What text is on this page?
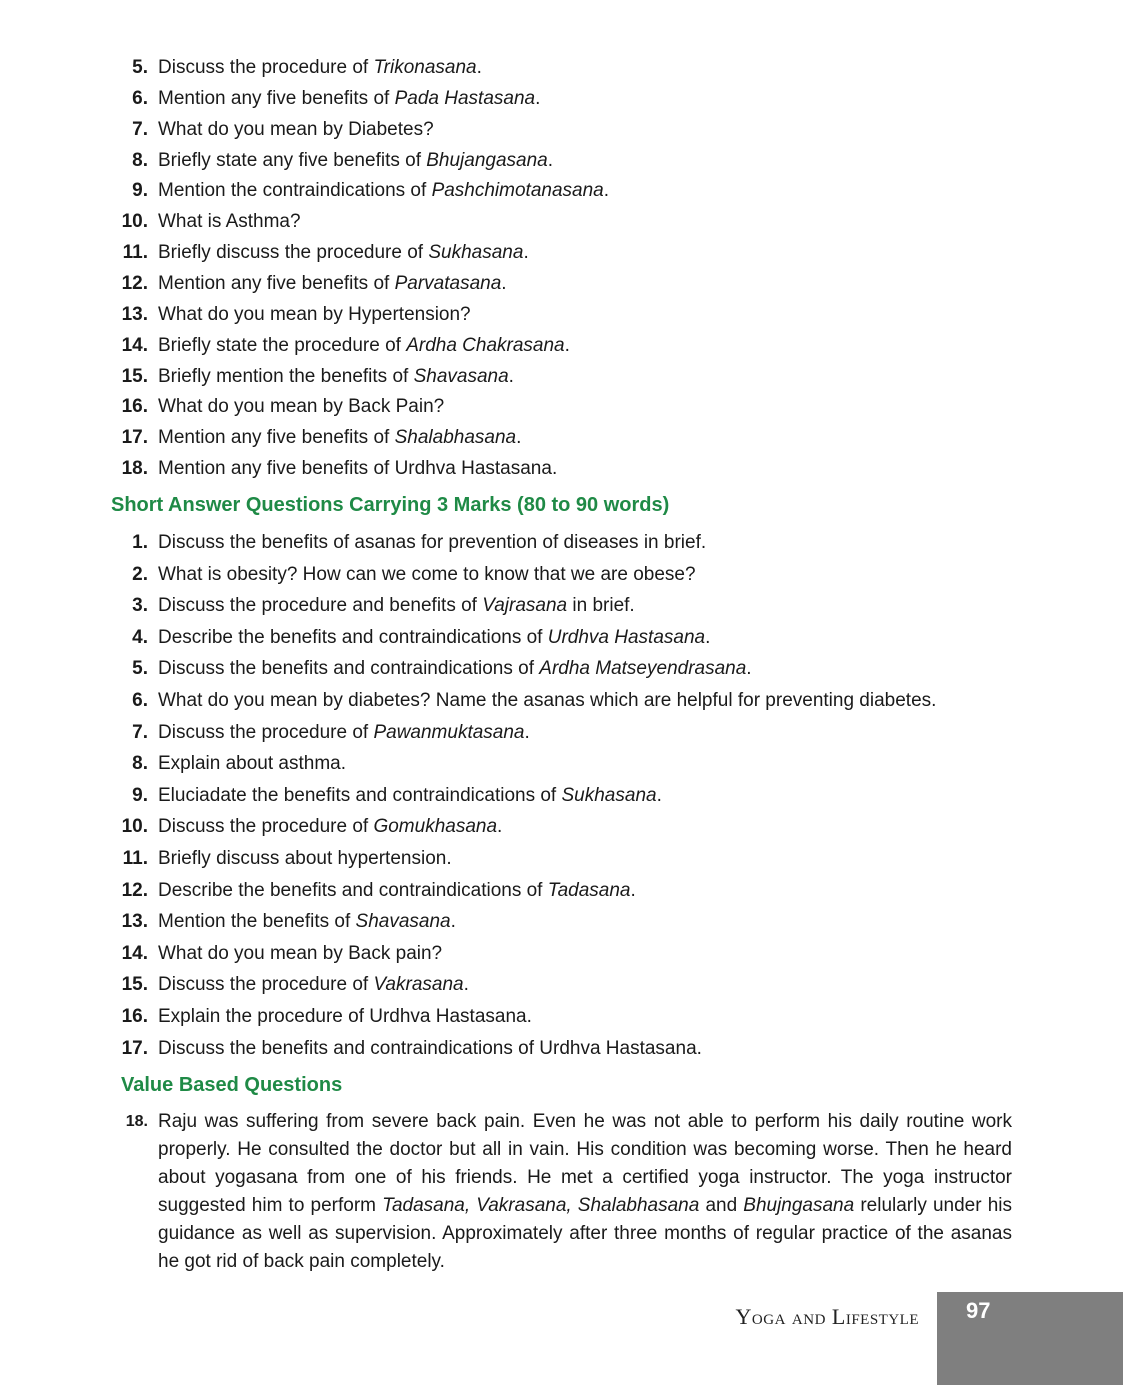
5. Discuss the procedure of Trikonasana.
6. Mention any five benefits of Pada Hastasana.
7. What do you mean by Diabetes?
8. Briefly state any five benefits of Bhujangasana.
9. Mention the contraindications of Pashchimotanasana.
10. What is Asthma?
11. Briefly discuss the procedure of Sukhasana.
12. Mention any five benefits of Parvatasana.
13. What do you mean by Hypertension?
14. Briefly state the procedure of Ardha Chakrasana.
15. Briefly mention the benefits of Shavasana.
16. What do you mean by Back Pain?
17. Mention any five benefits of Shalabhasana.
18. Mention any five benefits of Urdhva Hastasana.
Short Answer Questions Carrying 3 Marks (80 to 90 words)
1. Discuss the benefits of asanas for prevention of diseases in brief.
2. What is obesity? How can we come to know that we are obese?
3. Discuss the procedure and benefits of Vajrasana in brief.
4. Describe the benefits and contraindications of Urdhva Hastasana.
5. Discuss the benefits and contraindications of Ardha Matseyendrasana.
6. What do you mean by diabetes? Name the asanas which are helpful for preventing diabetes.
7. Discuss the procedure of Pawanmuktasana.
8. Explain about asthma.
9. Eluciadate the benefits and contraindications of Sukhasana.
10. Discuss the procedure of Gomukhasana.
11. Briefly discuss about hypertension.
12. Describe the benefits and contraindications of Tadasana.
13. Mention the benefits of Shavasana.
14. What do you mean by Back pain?
15. Discuss the procedure of Vakrasana.
16. Explain the procedure of Urdhva Hastasana.
17. Discuss the benefits and contraindications of Urdhva Hastasana.
Value Based Questions
18. Raju was suffering from severe back pain. Even he was not able to perform his daily routine work properly. He consulted the doctor but all in vain. His condition was becoming worse. Then he heard about yogasana from one of his friends. He met a certified yoga instructor. The yoga instructor suggested him to perform Tadasana, Vakrasana, Shalabhasana and Bhujngasana relularly under his guidance as well as supervision. Approximately after three months of regular practice of the asanas he got rid of back pain completely.
Yoga and Lifestyle 97
